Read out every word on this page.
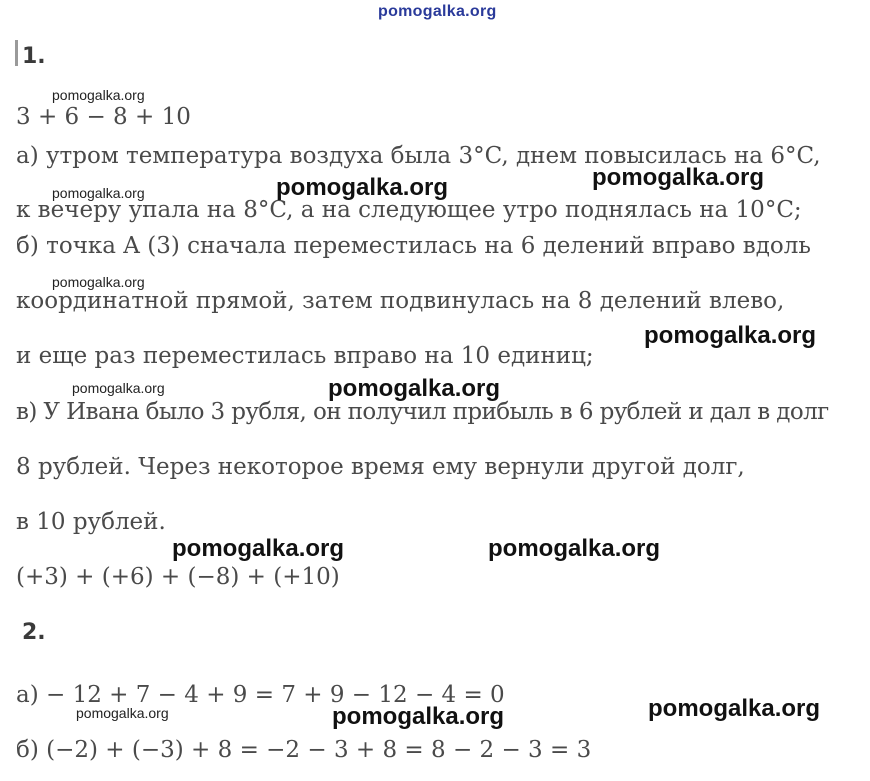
pomogalka.org
1.
3 + 6 − 8 + 10
а) утром температура воздуха была 3°C, днем повысилась на 6°C,
к вечеру упала на 8°C, а на следующее утро поднялась на 10°C;
б) точка A (3) сначала переместилась на 6 делений вправо вдоль
координатной прямой, затем подвинулась на 8 делений влево,
и еще раз переместилась вправо на 10 единиц;
в) У Ивана было 3 рубля, он получил прибыль в 6 рублей и дал в долг
8 рублей. Через некоторое время ему вернули другой долг,
в 10 рублей.
(+3) + (+6) + (−8) + (+10)
2.
а) − 12 + 7 − 4 + 9 = 7 + 9 − 12 − 4 = 0
б) (−2) + (−3) + 8 = −2 − 3 + 8 = 8 − 2 − 3 = 3
pomogalka.org
pomogalka.org
pomogalka.org
pomogalka.org
pomogalka.org
pomogalka.org	pomogalka.org
pomogalka.org
pomogalka.org
pomogalka.org	pomogalka.org
pomogalka.org	pomogalka.org
